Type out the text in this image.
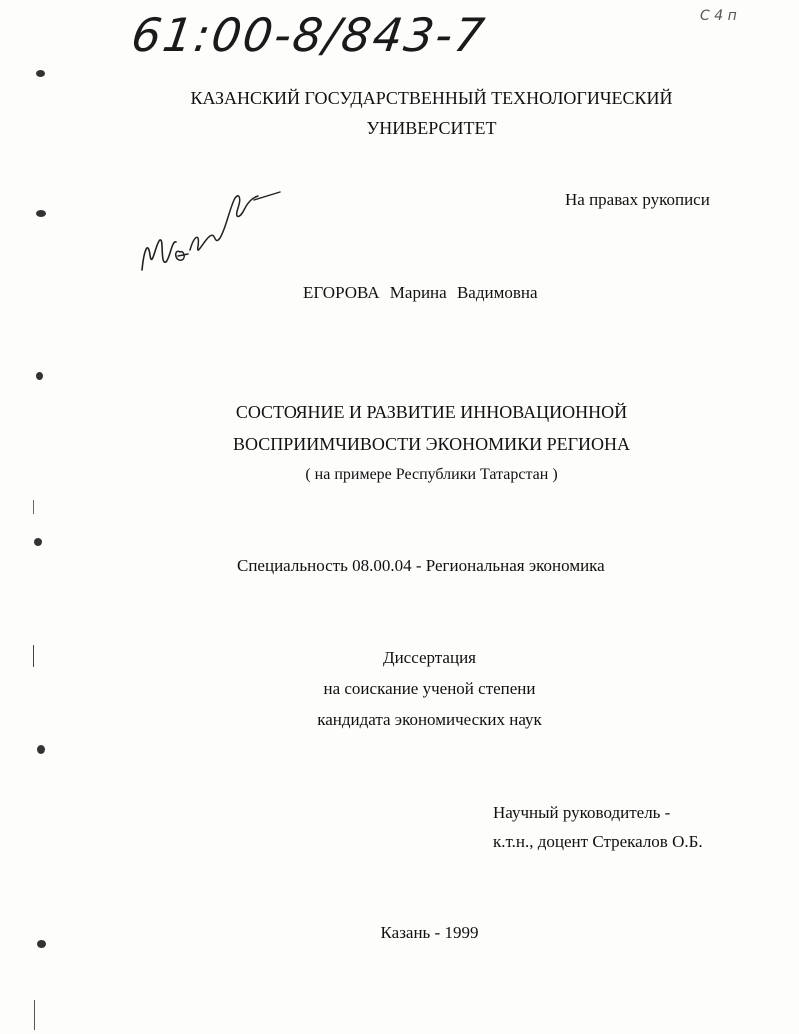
61:00-8/843-7	С 4 п
КАЗАНСКИЙ ГОСУДАРСТВЕННЫЙ ТЕХНОЛОГИЧЕСКИЙ
УНИВЕРСИТЕТ
На правах рукописи
ЕГОРОВА Марина Вадимовна
СОСТОЯНИЕ И РАЗВИТИЕ ИННОВАЦИОННОЙ
ВОСПРИИМЧИВОСТИ ЭКОНОМИКИ РЕГИОНА
( на примере Республики Татарстан )
Специальность 08.00.04 - Региональная экономика
Диссертация
на соискание ученой степени
кандидата экономических наук
Научный руководитель -
к.т.н., доцент Стрекалов О.Б.
Казань - 1999
